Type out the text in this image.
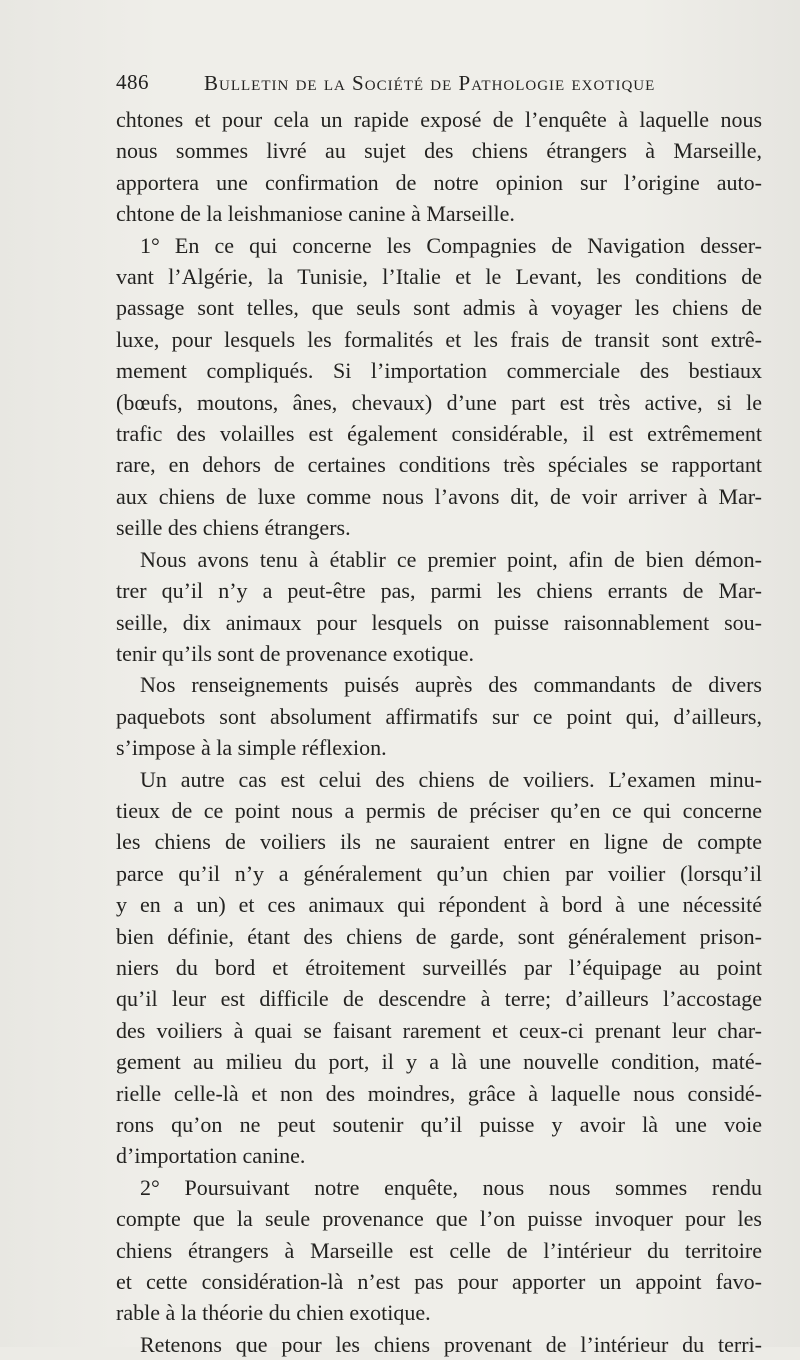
486	Bulletin de la Société de Pathologie exotique
chtones et pour cela un rapide exposé de l’enquête à laquelle nous
nous sommes livré au sujet des chiens étrangers à Marseille,
apportera une confirmation de notre opinion sur l’origine auto-
chtone de la leishmaniose canine à Marseille.
1° En ce qui concerne les Compagnies de Navigation desser-
vant l’Algérie, la Tunisie, l’Italie et le Levant, les conditions de
passage sont telles, que seuls sont admis à voyager les chiens de
luxe, pour lesquels les formalités et les frais de transit sont extrê-
mement compliqués. Si l’importation commerciale des bestiaux
(bœufs, moutons, ânes, chevaux) d’une part est très active, si le
trafic des volailles est également considérable, il est extrêmement
rare, en dehors de certaines conditions très spéciales se rapportant
aux chiens de luxe comme nous l’avons dit, de voir arriver à Mar-
seille des chiens étrangers.
Nous avons tenu à établir ce premier point, afin de bien démon-
trer qu’il n’y a peut-être pas, parmi les chiens errants de Mar-
seille, dix animaux pour lesquels on puisse raisonnablement sou-
tenir qu’ils sont de provenance exotique.
Nos renseignements puisés auprès des commandants de divers
paquebots sont absolument affirmatifs sur ce point qui, d’ailleurs,
s’impose à la simple réflexion.
Un autre cas est celui des chiens de voiliers. L’examen minu-
tieux de ce point nous a permis de préciser qu’en ce qui concerne
les chiens de voiliers ils ne sauraient entrer en ligne de compte
parce qu’il n’y a généralement qu’un chien par voilier (lorsqu’il
y en a un) et ces animaux qui répondent à bord à une nécessité
bien définie, étant des chiens de garde, sont généralement prison-
niers du bord et étroitement surveillés par l’équipage au point
qu’il leur est difficile de descendre à terre; d’ailleurs l’accostage
des voiliers à quai se faisant rarement et ceux-ci prenant leur char-
gement au milieu du port, il y a là une nouvelle condition, maté-
rielle celle-là et non des moindres, grâce à laquelle nous considé-
rons qu’on ne peut soutenir qu’il puisse y avoir là une voie
d’importation canine.
2° Poursuivant notre enquête, nous nous sommes rendu
compte que la seule provenance que l’on puisse invoquer pour les
chiens étrangers à Marseille est celle de l’intérieur du territoire
et cette considération-là n’est pas pour apporter un appoint favo-
rable à la théorie du chien exotique.
Retenons que pour les chiens provenant de l’intérieur du terri-
